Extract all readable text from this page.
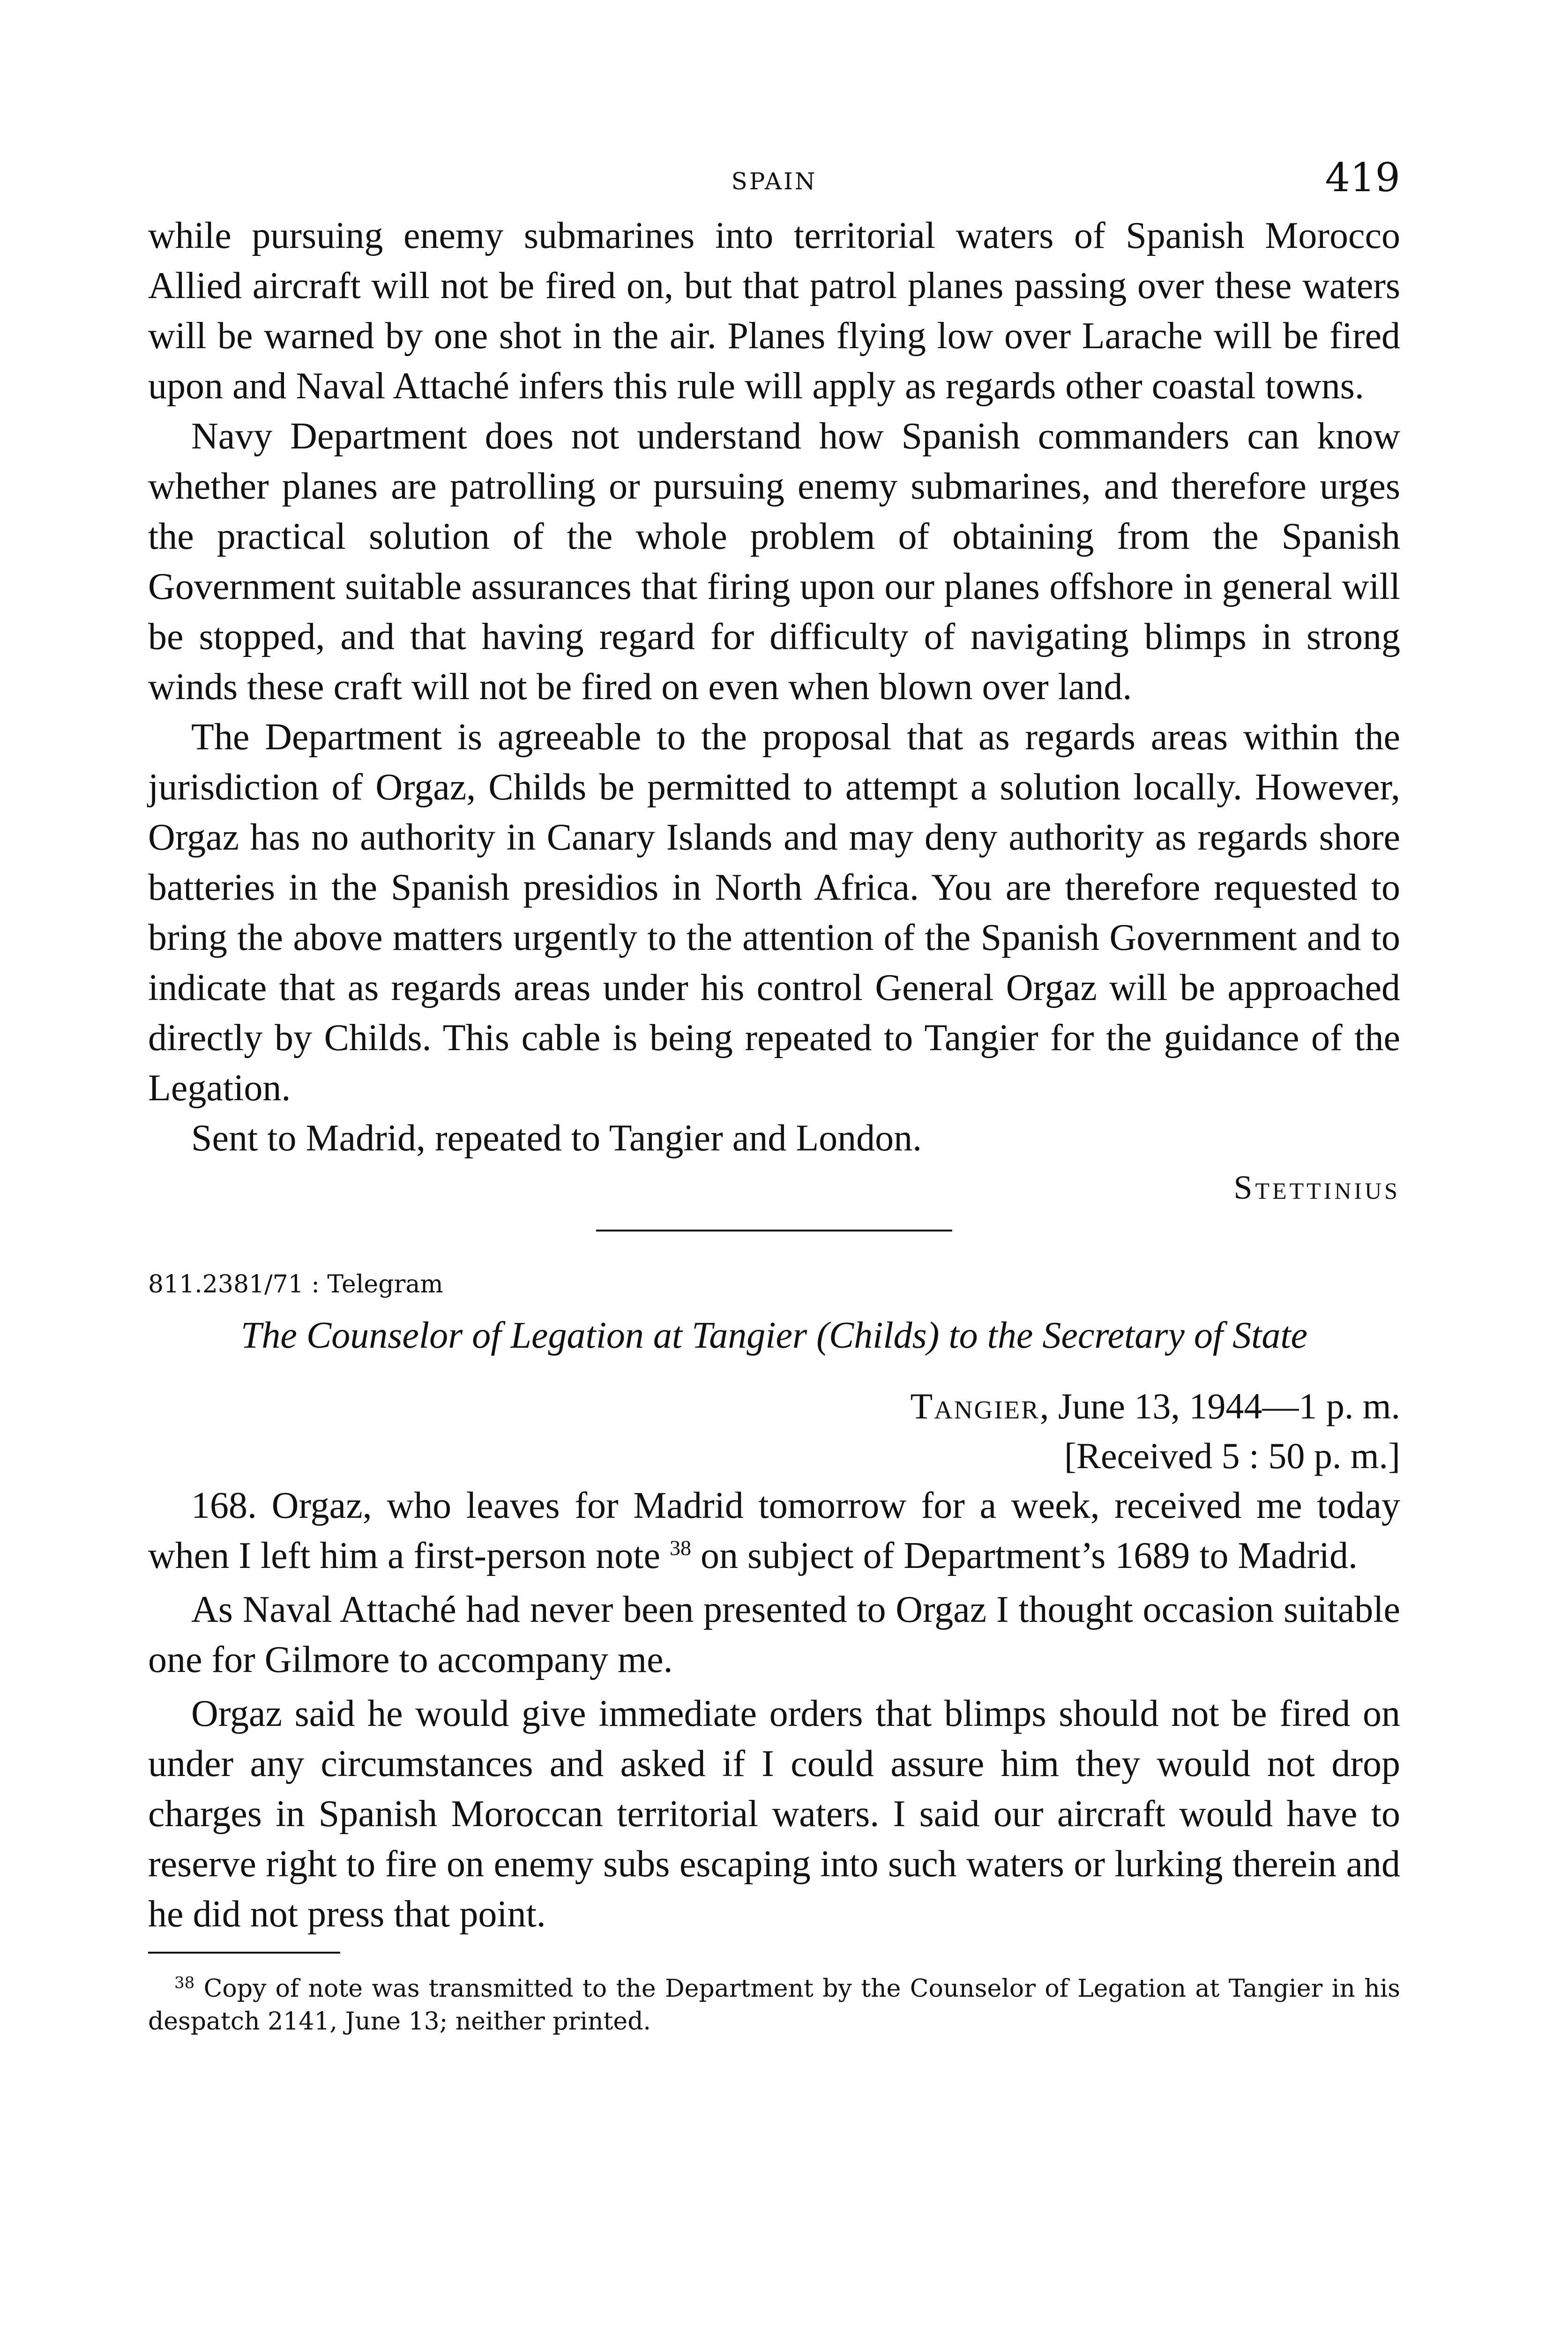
SPAIN	419

while pursuing enemy submarines into territorial waters of Spanish Morocco Allied aircraft will not be fired on, but that patrol planes passing over these waters will be warned by one shot in the air. Planes flying low over Larache will be fired upon and Naval Attaché infers this rule will apply as regards other coastal towns.

Navy Department does not understand how Spanish commanders can know whether planes are patrolling or pursuing enemy submarines, and therefore urges the practical solution of the whole problem of obtaining from the Spanish Government suitable assurances that firing upon our planes offshore in general will be stopped, and that having regard for difficulty of navigating blimps in strong winds these craft will not be fired on even when blown over land.

The Department is agreeable to the proposal that as regards areas within the jurisdiction of Orgaz, Childs be permitted to attempt a solution locally. However, Orgaz has no authority in Canary Islands and may deny authority as regards shore batteries in the Spanish presidios in North Africa. You are therefore requested to bring the above matters urgently to the attention of the Spanish Government and to indicate that as regards areas under his control General Orgaz will be approached directly by Childs. This cable is being repeated to Tangier for the guidance of the Legation.

Sent to Madrid, repeated to Tangier and London.

Stettinius

811.2381/71 : Telegram

The Counselor of Legation at Tangier (Childs) to the Secretary of State

Tangier, June 13, 1944—1 p. m.
[Received 5 : 50 p. m.]

168. Orgaz, who leaves for Madrid tomorrow for a week, received me today when I left him a first-person note $^{38}$ on subject of Department’s 1689 to Madrid.

As Naval Attaché had never been presented to Orgaz I thought occasion suitable one for Gilmore to accompany me.

Orgaz said he would give immediate orders that blimps should not be fired on under any circumstances and asked if I could assure him they would not drop charges in Spanish Moroccan territorial waters. I said our aircraft would have to reserve right to fire on enemy subs escaping into such waters or lurking therein and he did not press that point.

$^{38}$ Copy of note was transmitted to the Department by the Counselor of Legation at Tangier in his despatch 2141, June 13; neither printed.
